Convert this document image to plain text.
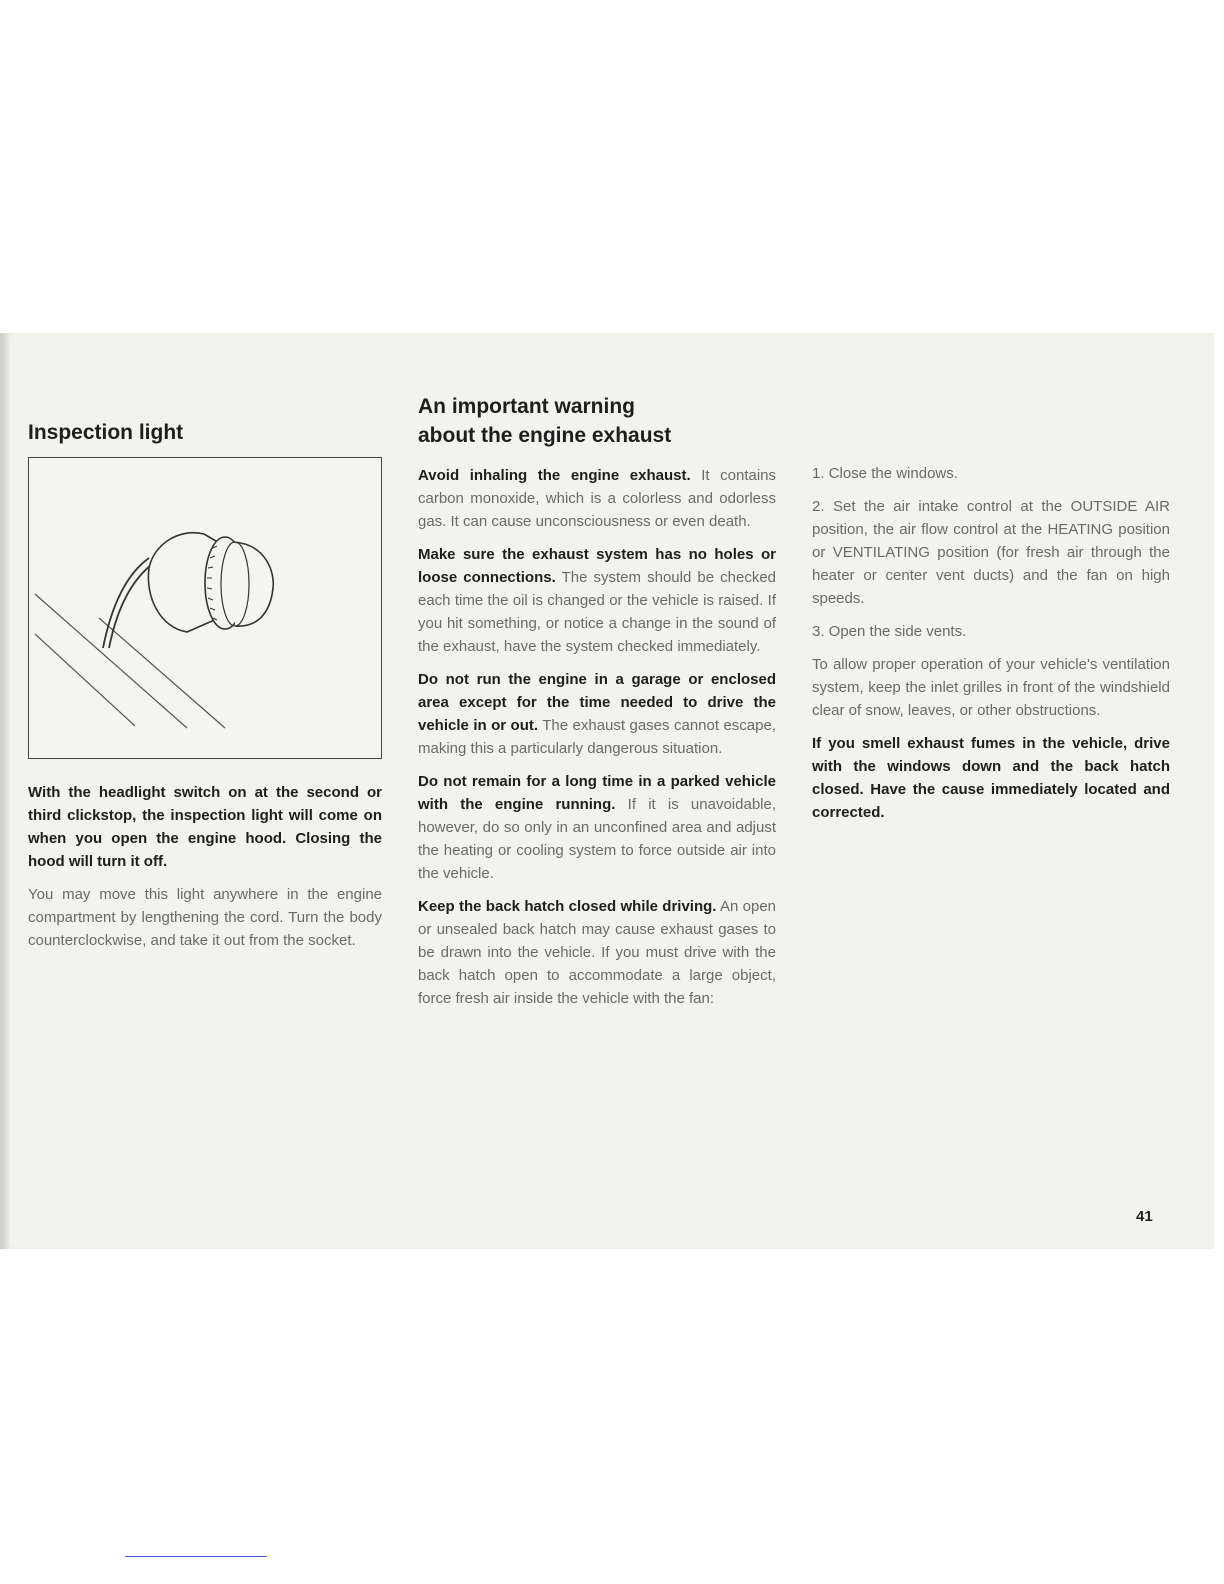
Inspection light

With the headlight switch on at the second or third clickstop, the inspection light will come on when you open the engine hood. Closing the hood will turn it off.

You may move this light anywhere in the engine compartment by lengthening the cord. Turn the body counterclockwise, and take it out from the socket.

An important warning
about the engine exhaust

Avoid inhaling the engine exhaust. It contains carbon monoxide, which is a colorless and odorless gas. It can cause unconsciousness or even death.

Make sure the exhaust system has no holes or loose connections. The system should be checked each time the oil is changed or the vehicle is raised. If you hit something, or notice a change in the sound of the exhaust, have the system checked immediately.

Do not run the engine in a garage or enclosed area except for the time needed to drive the vehicle in or out. The exhaust gases cannot escape, making this a particularly dangerous situation.

Do not remain for a long time in a parked vehicle with the engine running. If it is unavoidable, however, do so only in an unconfined area and adjust the heating or cooling system to force outside air into the vehicle.

Keep the back hatch closed while driving. An open or unsealed back hatch may cause exhaust gases to be drawn into the vehicle. If you must drive with the back hatch open to accommodate a large object, force fresh air inside the vehicle with the fan:

1. Close the windows.

2. Set the air intake control at the OUTSIDE AIR position, the air flow control at the HEATING position or VENTILATING position (for fresh air through the heater or center vent ducts) and the fan on high speeds.

3. Open the side vents.

To allow proper operation of your vehicle's ventilation system, keep the inlet grilles in front of the windshield clear of snow, leaves, or other obstructions.

If you smell exhaust fumes in the vehicle, drive with the windows down and the back hatch closed. Have the cause immediately located and corrected.

41
